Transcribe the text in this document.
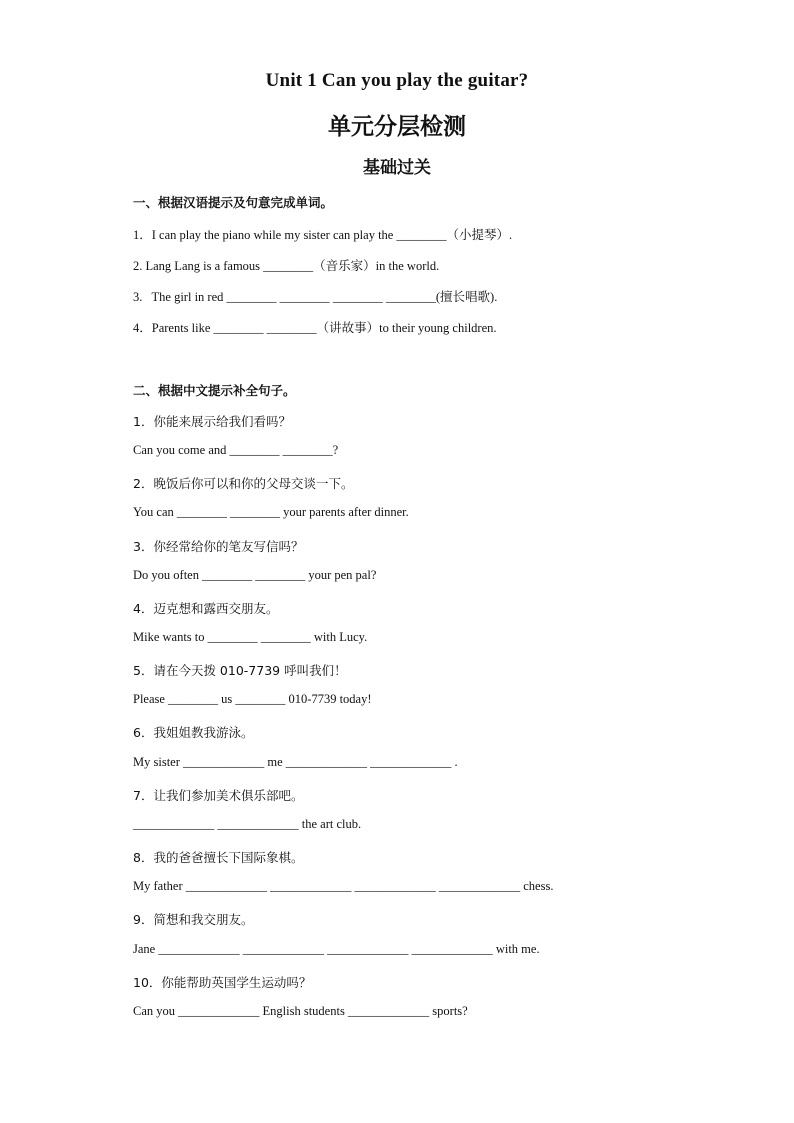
Unit 1 Can you play the guitar?
单元分层检测
基础过关
一、根据汉语提示及句意完成单词。
1．I can play the piano while my sister can play the ________（小提琴）.
2. Lang Lang is a famous ________（音乐家）in the world.
3.   The girl in red ________ ________ ________ ________(擅长唱歌).
4．Parents like ________ ________（讲故事）to their young children.
二、根据中文提示补全句子。
1．你能来展示给我们看吗？
Can you come and ________ ________?
2．晚饭后你可以和你的父母交谈一下。
You can ________ ________ your parents after dinner.
3．你经常给你的笔友写信吗？
Do you often ________ ________ your pen pal?
4．迈克想和露西交朋友。
Mike wants to ________ ________ with Lucy.
5．请在今天拨 010-7739 呼叫我们！
Please ________ us ________ 010-7739 today!
6．我姐姐教我游泳。
My sister _____________ me _____________ _____________ .
7．让我们参加美术俱乐部吧。
_____________ _____________ the art club.
8．我的爸爸擅长下国际象棋。
My father _____________ _____________ _____________ _____________ chess.
9．简想和我交朋友。
Jane _____________ _____________ _____________ _____________ with me.
10．你能帮助英国学生运动吗？
Can you _____________ English students _____________ sports?
